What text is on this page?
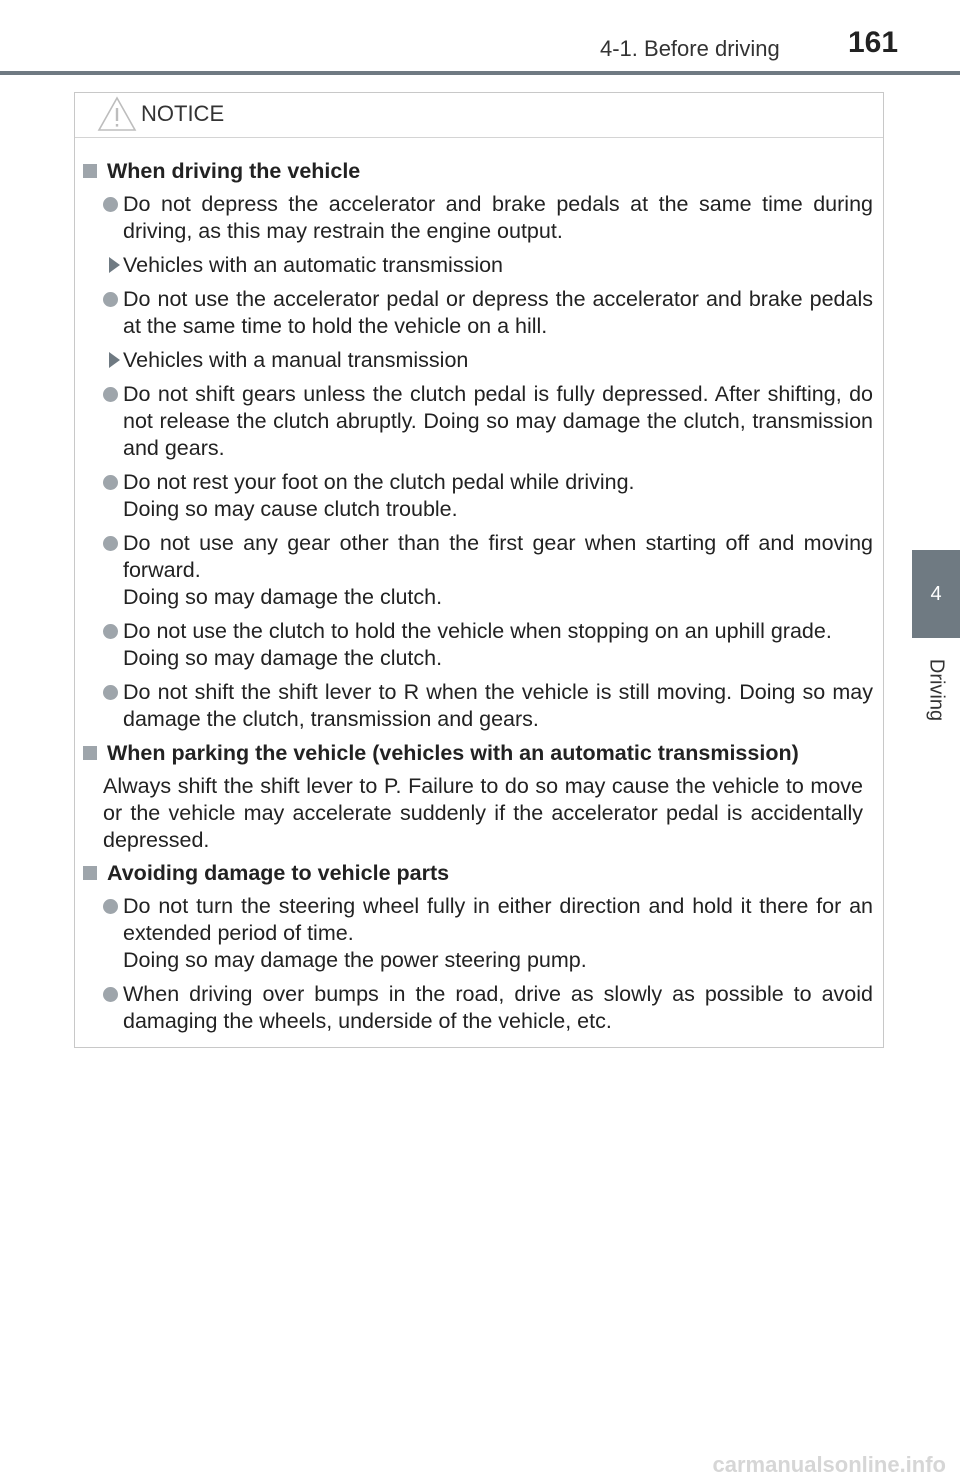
4-1. Before driving 161
4
Driving
NOTICE
When driving the vehicle
Do not depress the accelerator and brake pedals at the same time during driving, as this may restrain the engine output.
Vehicles with an automatic transmission
Do not use the accelerator pedal or depress the accelerator and brake pedals at the same time to hold the vehicle on a hill.
Vehicles with a manual transmission
Do not shift gears unless the clutch pedal is fully depressed. After shifting, do not release the clutch abruptly. Doing so may damage the clutch, transmission and gears.
Do not rest your foot on the clutch pedal while driving.
Doing so may cause clutch trouble.
Do not use any gear other than the first gear when starting off and moving forward.
Doing so may damage the clutch.
Do not use the clutch to hold the vehicle when stopping on an uphill grade.
Doing so may damage the clutch.
Do not shift the shift lever to R when the vehicle is still moving. Doing so may damage the clutch, transmission and gears.
When parking the vehicle (vehicles with an automatic transmission)
Always shift the shift lever to P. Failure to do so may cause the vehicle to move or the vehicle may accelerate suddenly if the accelerator pedal is accidentally depressed.
Avoiding damage to vehicle parts
Do not turn the steering wheel fully in either direction and hold it there for an extended period of time.
Doing so may damage the power steering pump.
When driving over bumps in the road, drive as slowly as possible to avoid damaging the wheels, underside of the vehicle, etc.
carmanualsonline.info
